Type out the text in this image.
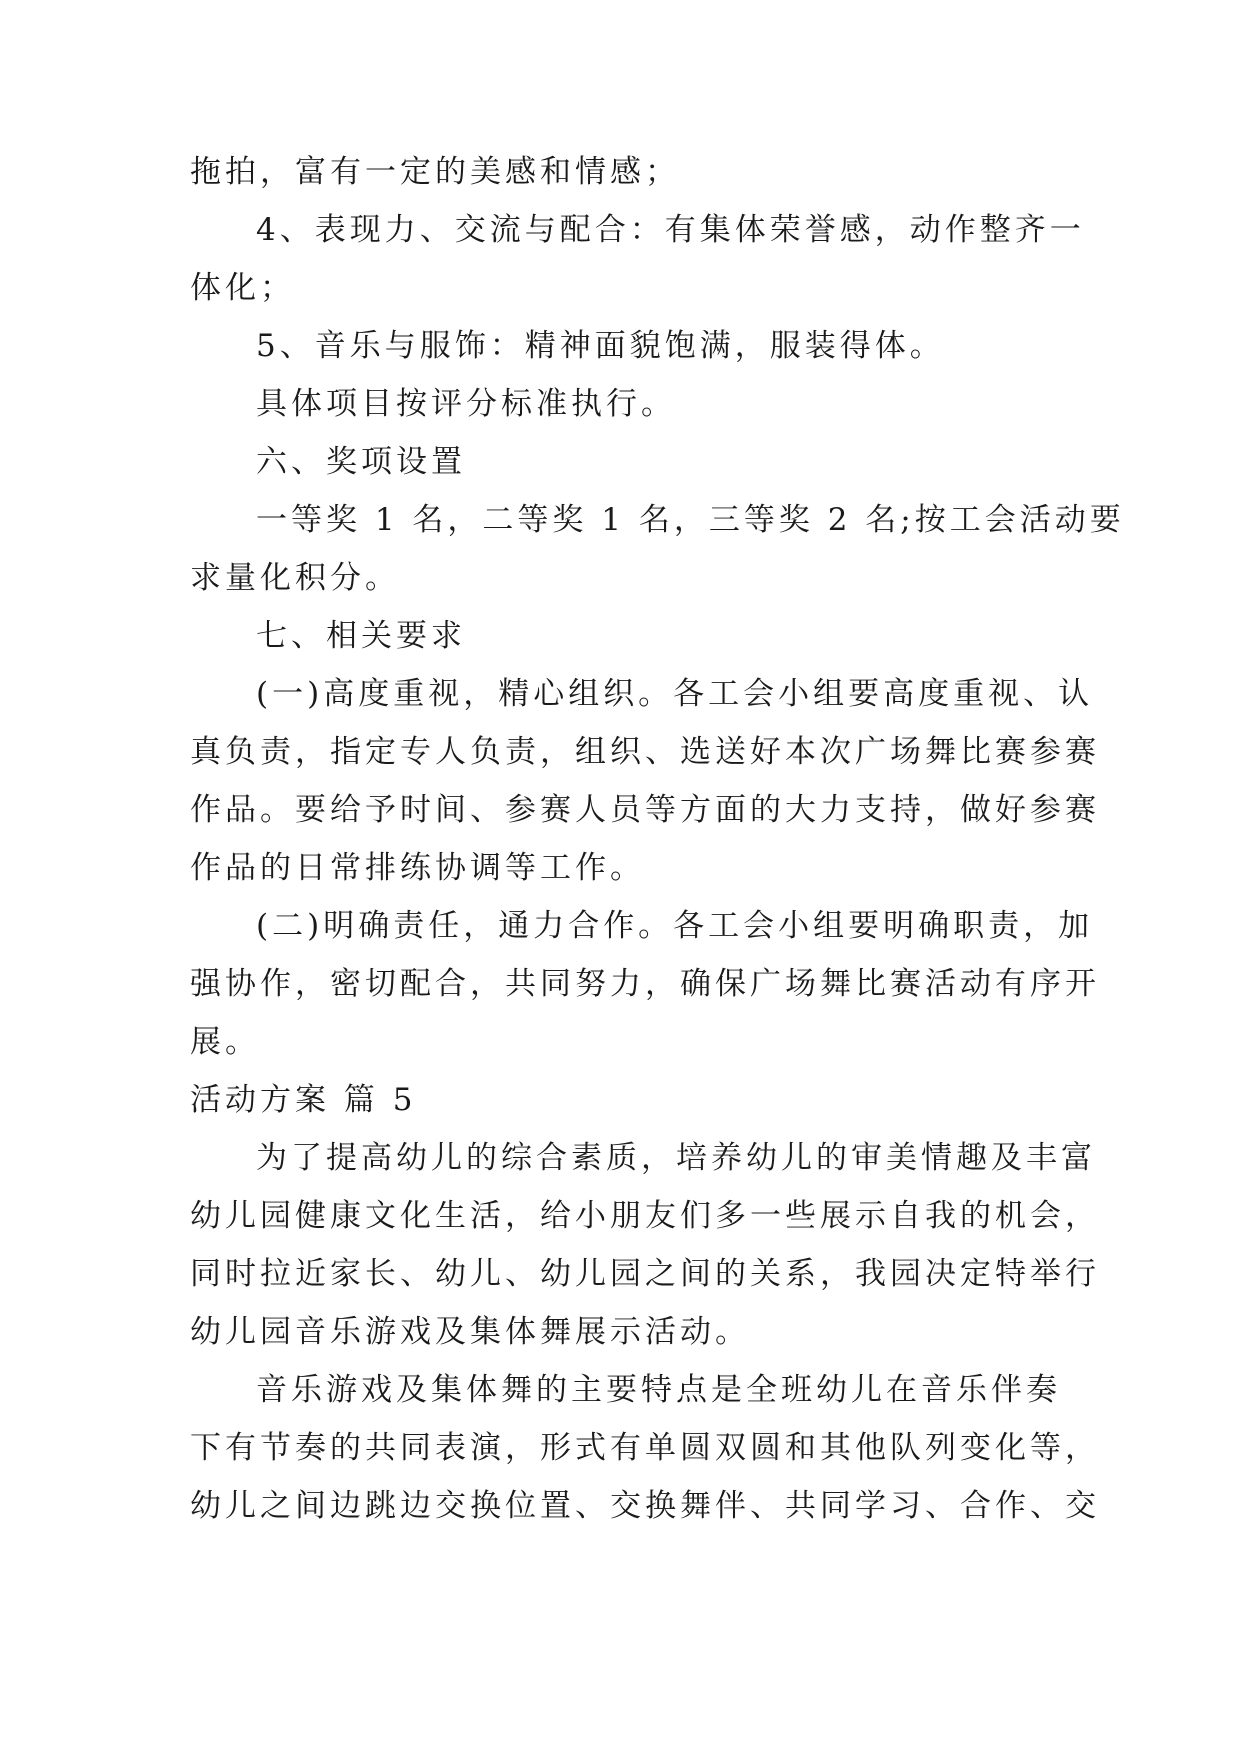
拖拍，富有一定的美感和情感；
4、表现力、交流与配合：有集体荣誉感，动作整齐一
体化；
5、音乐与服饰：精神面貌饱满，服装得体。
具体项目按评分标准执行。
六、奖项设置
一等奖 1 名，二等奖 1 名，三等奖 2 名;按工会活动要
求量化积分。
七、相关要求
(一)高度重视，精心组织。各工会小组要高度重视、认
真负责，指定专人负责，组织、选送好本次广场舞比赛参赛
作品。要给予时间、参赛人员等方面的大力支持，做好参赛
作品的日常排练协调等工作。
(二)明确责任，通力合作。各工会小组要明确职责，加
强协作，密切配合，共同努力，确保广场舞比赛活动有序开
展。
活动方案 篇 5
为了提高幼儿的综合素质，培养幼儿的审美情趣及丰富
幼儿园健康文化生活，给小朋友们多一些展示自我的机会，
同时拉近家长、幼儿、幼儿园之间的关系，我园决定特举行
幼儿园音乐游戏及集体舞展示活动。
音乐游戏及集体舞的主要特点是全班幼儿在音乐伴奏
下有节奏的共同表演，形式有单圆双圆和其他队列变化等，
幼儿之间边跳边交换位置、交换舞伴、共同学习、合作、交
